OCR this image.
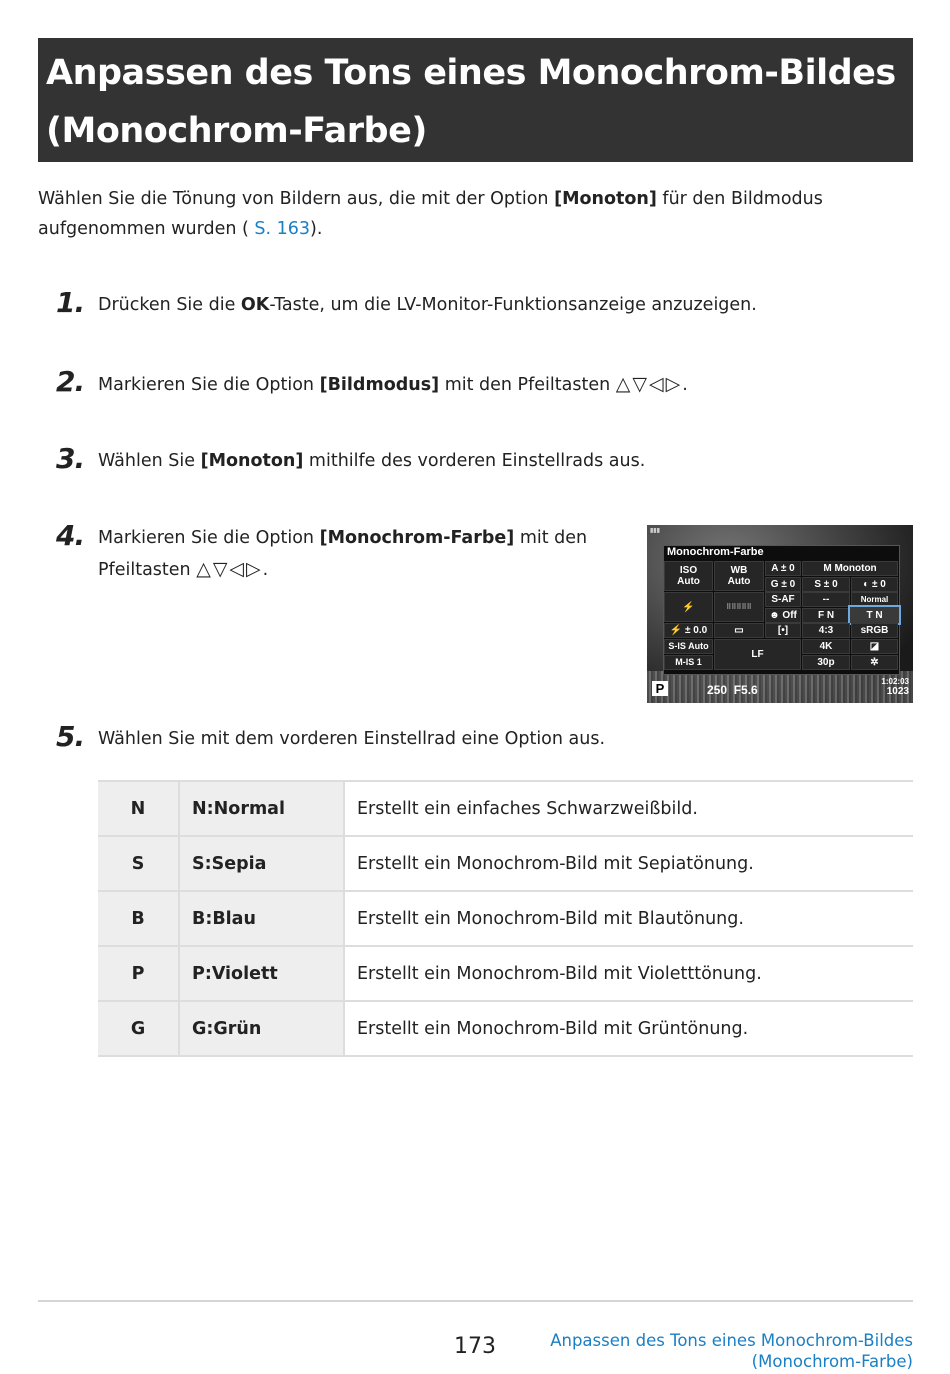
Anpassen des Tons eines Monochrom-Bildes
(Monochrom-Farbe)
Wählen Sie die Tönung von Bildern aus, die mit der Option [Monoton] für den Bildmodus aufgenommen wurden ( S. 163).
1. Drücken Sie die OK-Taste, um die LV-Monitor-Funktionsanzeige anzuzeigen.
2. Markieren Sie die Option [Bildmodus] mit den Pfeiltasten △▽◁▷.
3. Wählen Sie [Monoton] mithilfe des vorderen Einstellrads aus.
4. Markieren Sie die Option [Monochrom-Farbe] mit den Pfeiltasten △▽◁▷.
▮▮▮
Monochrom-Farbe
ISO
Auto
WB
Auto
A ± 0
G ± 0
M Monoton
S ± 0	◐ ± 0
⚡	⠿⠿⠿⠿⠿
S-AF
☻ Off
--	Normal
F N	T N
⚡ ± 0.0	▭	[•]	4:3	sRGB
S-IS Auto
M-IS 1
LF
4K
30p
◪
✲
P	250 F5.6
1:02:03
1023
5. Wählen Sie mit dem vorderen Einstellrad eine Option aus.
N	N:Normal	Erstellt ein einfaches Schwarzweißbild.
S	S:Sepia	Erstellt ein Monochrom-Bild mit Sepiatönung.
B	B:Blau	Erstellt ein Monochrom-Bild mit Blautönung.
P	P:Violett	Erstellt ein Monochrom-Bild mit Violetttönung.
G	G:Grün	Erstellt ein Monochrom-Bild mit Grüntönung.
173	Anpassen des Tons eines Monochrom-Bildes
(Monochrom-Farbe)
